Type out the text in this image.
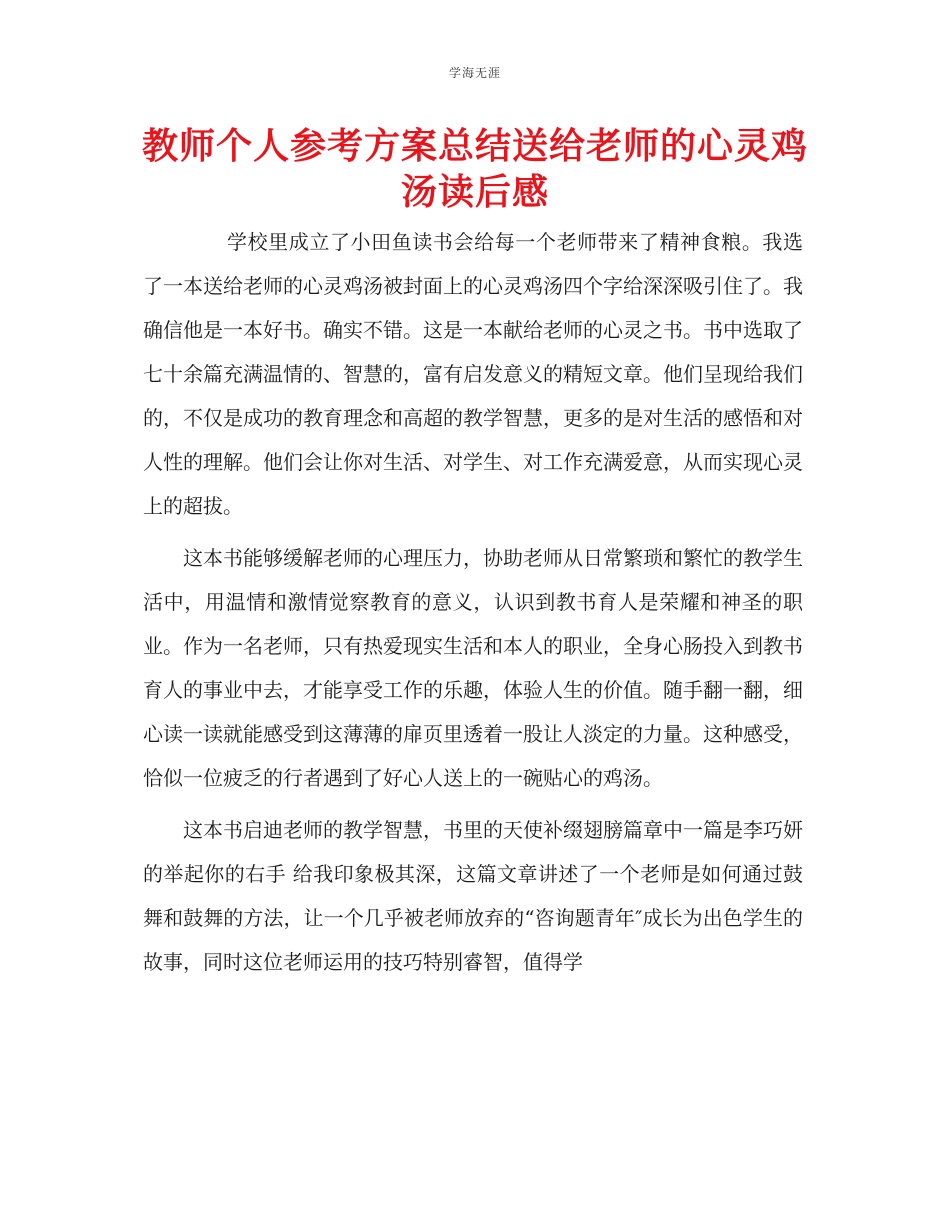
学海无涯
教师个人参考方案总结送给老师的心灵鸡汤读后感

学校里成立了小田鱼读书会给每一个老师带来了精神食粮。我选了一本送给老师的心灵鸡汤被封面上的心灵鸡汤四个字给深深吸引住了。我确信他是一本好书。确实不错。这是一本献给老师的心灵之书。书中选取了七十余篇充满温情的、智慧的，富有启发意义的精短文章。他们呈现给我们的，不仅是成功的教育理念和高超的教学智慧，更多的是对生活的感悟和对人性的理解。他们会让你对生活、对学生、对工作充满爱意，从而实现心灵上的超拔。

这本书能够缓解老师的心理压力，协助老师从日常繁琐和繁忙的教学生活中，用温情和激情觉察教育的意义，认识到教书育人是荣耀和神圣的职业。作为一名老师，只有热爱现实生活和本人的职业，全身心肠投入到教书育人的事业中去，才能享受工作的乐趣，体验人生的价值。随手翻一翻，细心读一读就能感受到这薄薄的扉页里透着一股让人淡定的力量。这种感受，恰似一位疲乏的行者遇到了好心人送上的一碗贴心的鸡汤。

这本书启迪老师的教学智慧，书里的天使补缀翅膀篇章中一篇是李巧妍的举起你的右手 给我印象极其深，这篇文章讲述了一个老师是如何通过鼓舞和鼓舞的方法，让一个几乎被老师放弃的“咨询题青年″成长为出色学生的故事，同时这位老师运用的技巧特别睿智，值得学
